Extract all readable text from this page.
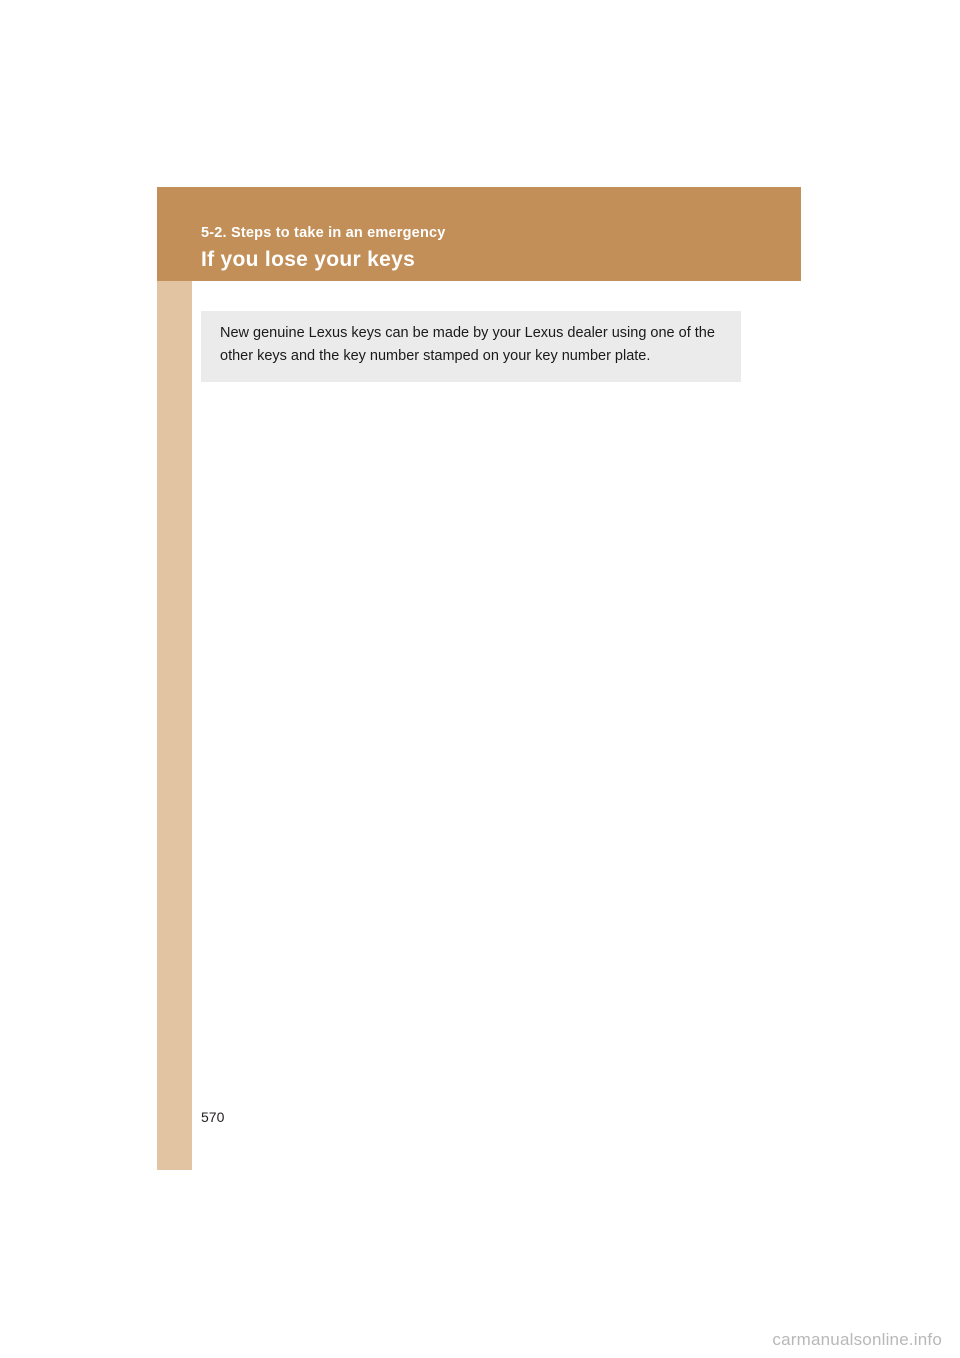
5-2. Steps to take in an emergency
If you lose your keys

New genuine Lexus keys can be made by your Lexus dealer using one of the other keys and the key number stamped on your key number plate.

570
carmanualsonline.info
